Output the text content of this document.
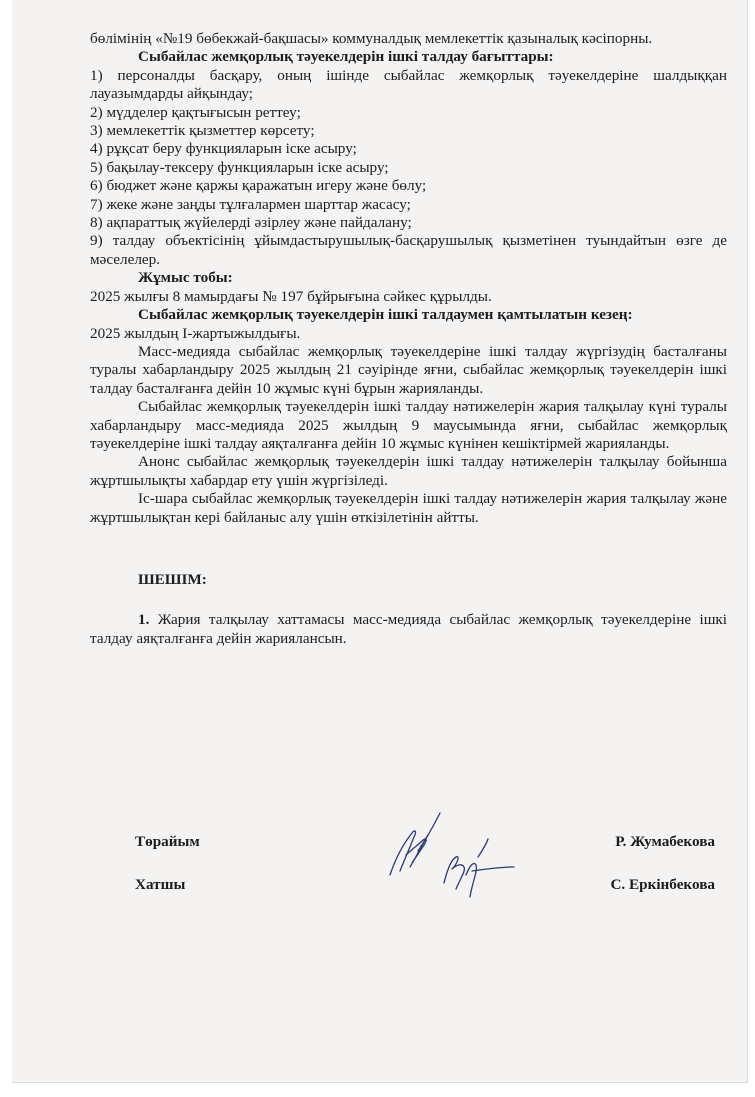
бөлімінің «№19 бөбекжай-бақшасы» коммуналдық мемлекеттік қазыналық кәсіпорны.

Сыбайлас жемқорлық тәуекелдерін ішкі талдау бағыттары:

1) персоналды басқару, оның ішінде сыбайлас жемқорлық тәуекелдеріне шалдыққан лауазымдарды айқындау;

2) мүдделер қақтығысын реттеу;

3) мемлекеттік қызметтер көрсету;

4) рұқсат беру функцияларын іске асыру;

5) бақылау-тексеру функцияларын іске асыру;

6) бюджет және қаржы қаражатын игеру және бөлу;

7) жеке және заңды тұлғалармен шарттар жасасу;

8) ақпараттық жүйелерді әзірлеу және пайдалану;

9) талдау объектісінің ұйымдастырушылық-басқарушылық қызметінен туындайтын өзге де мәселелер.

Жұмыс тобы:

2025 жылғы 8 мамырдағы № 197 бұйрығына сәйкес құрылды.

Сыбайлас жемқорлық тәуекелдерін ішкі талдаумен қамтылатын кезең:

2025 жылдың I-жартыжылдығы.

Масс-медияда сыбайлас жемқорлық тәуекелдеріне ішкі талдау жүргізудің басталғаны туралы хабарландыру 2025 жылдың 21 сәуірінде яғни, сыбайлас жемқорлық тәуекелдерін ішкі талдау басталғанға дейін 10 жұмыс күні бұрын жарияланды.

Сыбайлас жемқорлық тәуекелдерін ішкі талдау нәтижелерін жария талқылау күні туралы хабарландыру масс-медияда 2025 жылдың 9 маусымында яғни, сыбайлас жемқорлық тәуекелдеріне ішкі талдау аяқталғанға дейін 10 жұмыс күнінен кешіктірмей жарияланды.

Анонс сыбайлас жемқорлық тәуекелдерін ішкі талдау нәтижелерін талқылау бойынша жұртшылықты хабардар ету үшін жүргізіледі.

Іс-шара сыбайлас жемқорлық тәуекелдерін ішкі талдау нәтижелерін жария талқылау және жұртшылықтан кері байланыс алу үшін өткізілетінін айтты.

ШЕШІМ:

1. Жария талқылау хаттамасы масс-медияда сыбайлас жемқорлық тәуекелдеріне ішкі талдау аяқталғанға дейін жариялансын.

Төрайым	Р. Жумабекова
Хатшы	С. Еркінбекова
